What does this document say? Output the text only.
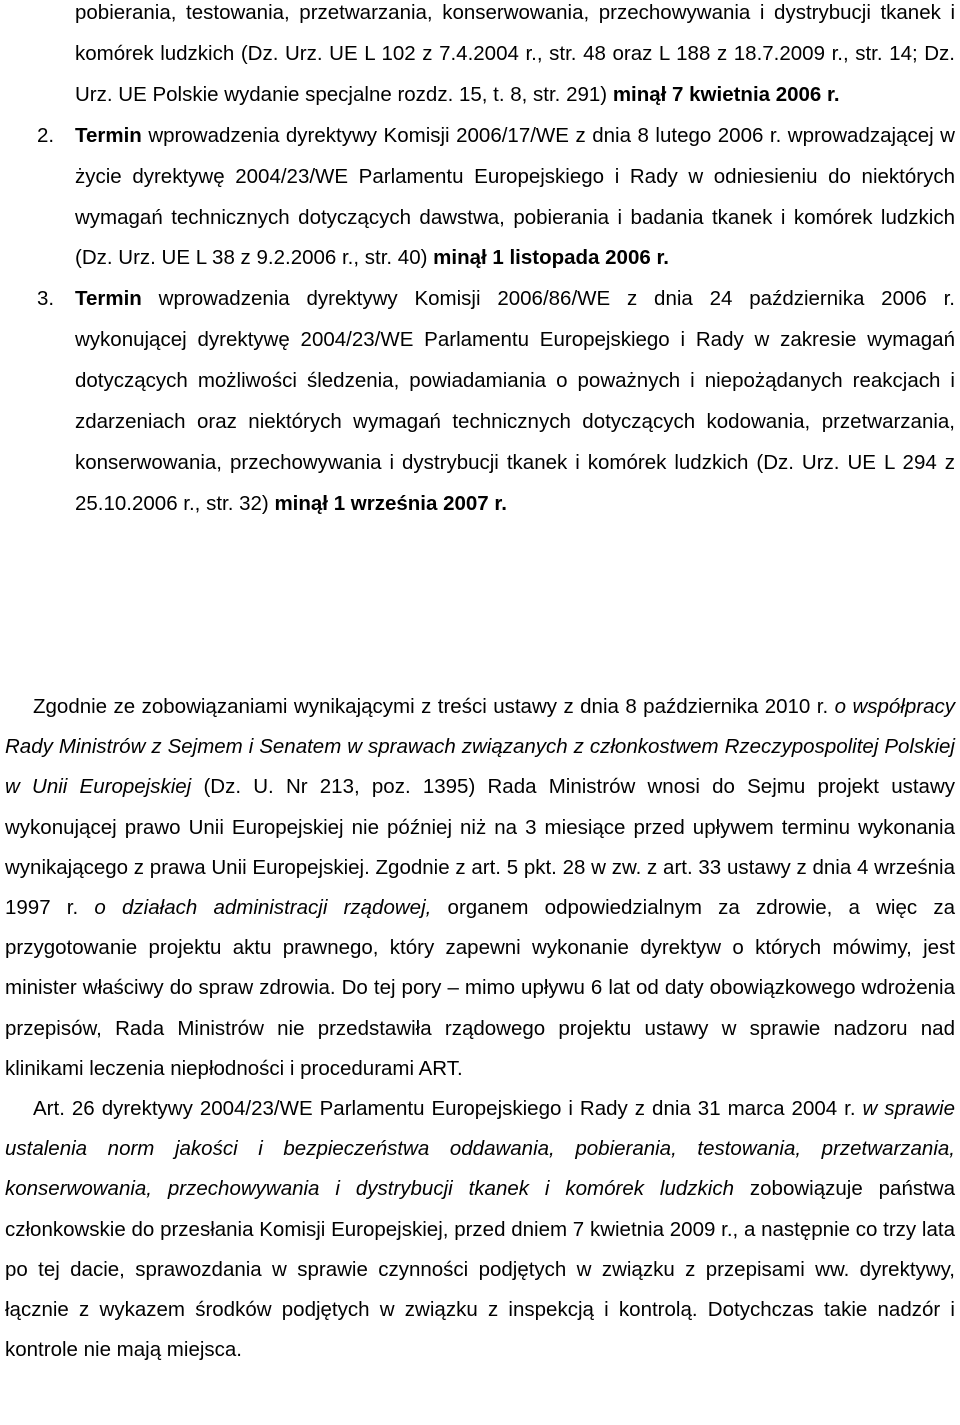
pobierania, testowania, przetwarzania, konserwowania, przechowywania i dystrybucji tkanek i komórek ludzkich (Dz. Urz. UE L 102 z 7.4.2004 r., str. 48 oraz L 188 z 18.7.2009 r., str. 14; Dz. Urz. UE Polskie wydanie specjalne rozdz. 15, t. 8, str. 291) minął 7 kwietnia 2006 r.

2. Termin wprowadzenia dyrektywy Komisji 2006/17/WE z dnia 8 lutego 2006 r. wprowadzającej w życie dyrektywę 2004/23/WE Parlamentu Europejskiego i Rady w odniesieniu do niektórych wymagań technicznych dotyczących dawstwa, pobierania i badania tkanek i komórek ludzkich (Dz. Urz. UE L 38 z 9.2.2006 r., str. 40) minął 1 listopada 2006 r.

3. Termin wprowadzenia dyrektywy Komisji 2006/86/WE z dnia 24 października 2006 r. wykonującej dyrektywę 2004/23/WE Parlamentu Europejskiego i Rady w zakresie wymagań dotyczących możliwości śledzenia, powiadamiania o poważnych i niepożądanych reakcjach i zdarzeniach oraz niektórych wymagań technicznych dotyczących kodowania, przetwarzania, konserwowania, przechowywania i dystrybucji tkanek i komórek ludzkich (Dz. Urz. UE L 294 z 25.10.2006 r., str. 32) minął 1 września 2007 r.

Zgodnie ze zobowiązaniami wynikającymi z treści ustawy z dnia 8 października 2010 r. o współpracy Rady Ministrów z Sejmem i Senatem w sprawach związanych z członkostwem Rzeczypospolitej Polskiej w Unii Europejskiej (Dz. U. Nr 213, poz. 1395) Rada Ministrów wnosi do Sejmu projekt ustawy wykonującej prawo Unii Europejskiej nie później niż na 3 miesiące przed upływem terminu wykonania wynikającego z prawa Unii Europejskiej. Zgodnie z art. 5 pkt. 28 w zw. z art. 33 ustawy z dnia 4 września 1997 r. o działach administracji rządowej, organem odpowiedzialnym za zdrowie, a więc za przygotowanie projektu aktu prawnego, który zapewni wykonanie dyrektyw o których mówimy, jest minister właściwy do spraw zdrowia. Do tej pory – mimo upływu 6 lat od daty obowiązkowego wdrożenia przepisów, Rada Ministrów nie przedstawiła rządowego projektu ustawy w sprawie nadzoru nad klinikami leczenia niepłodności i procedurami ART.

Art. 26 dyrektywy 2004/23/WE Parlamentu Europejskiego i Rady z dnia 31 marca 2004 r. w sprawie ustalenia norm jakości i bezpieczeństwa oddawania, pobierania, testowania, przetwarzania, konserwowania, przechowywania i dystrybucji tkanek i komórek ludzkich zobowiązuje państwa członkowskie do przesłania Komisji Europejskiej, przed dniem 7 kwietnia 2009 r., a następnie co trzy lata po tej dacie, sprawozdania w sprawie czynności podjętych w związku z przepisami ww. dyrektywy, łącznie z wykazem środków podjętych w związku z inspekcją i kontrolą. Dotychczas takie nadzór i kontrole nie mają miejsca.
